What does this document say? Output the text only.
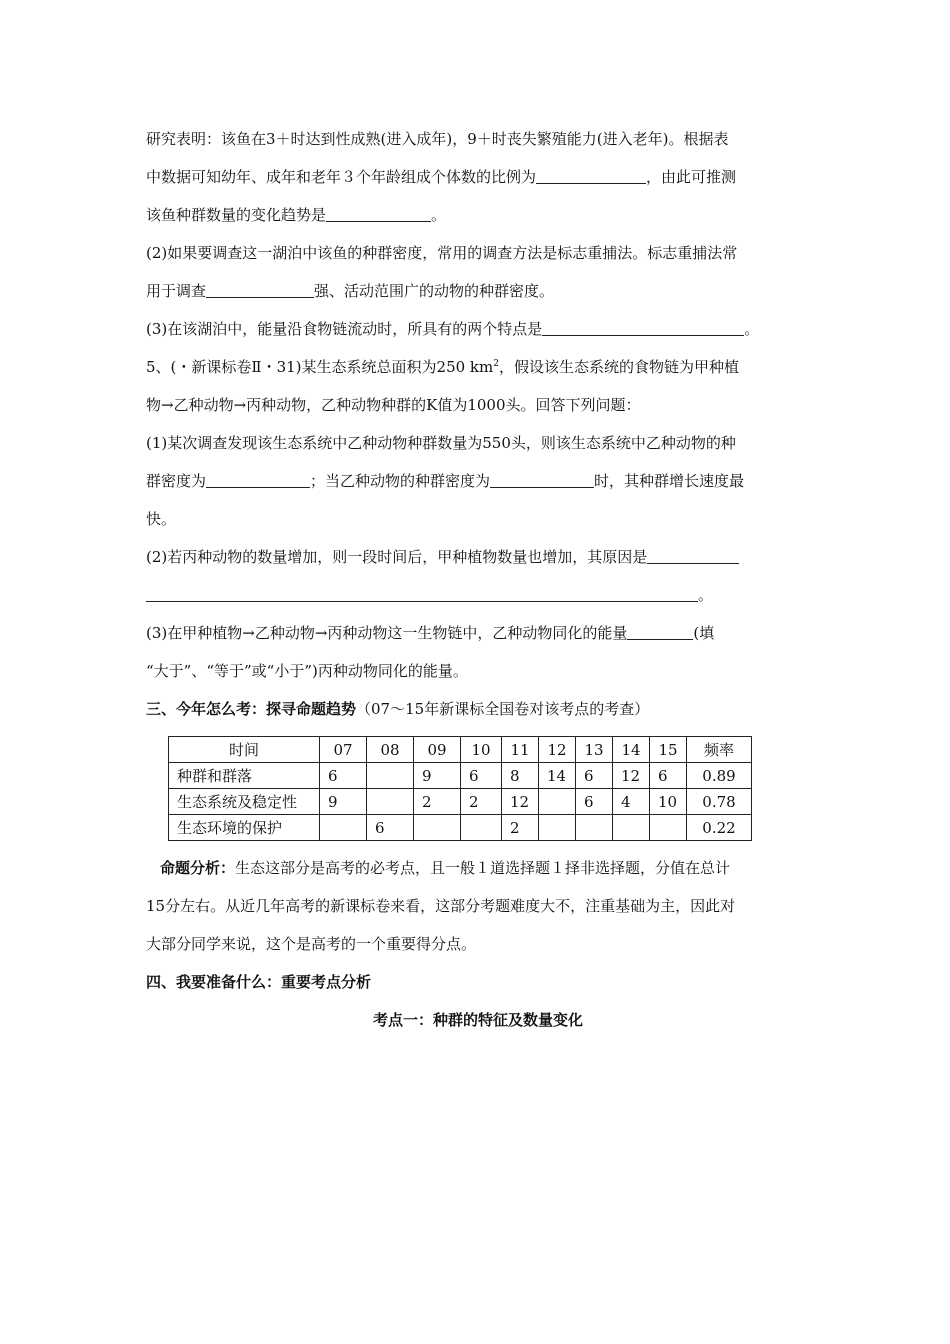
研究表明：该鱼在3＋时达到性成熟(进入成年)，9＋时丧失繁殖能力(进入老年)。根据表

中数据可知幼年、成年和老年３个年龄组成个体数的比例为	，由此可推测

该鱼种群数量的变化趋势是	。

(2)如果要调查这一湖泊中该鱼的种群密度，常用的调查方法是标志重捕法。标志重捕法常

用于调查	强、活动范围广的动物的种群密度。

(3)在该湖泊中，能量沿食物链流动时，所具有的两个特点是	。

5、(・新课标卷Ⅱ・31)某生态系统总面积为250 $km^2$，假设该生态系统的食物链为甲种植

物→乙种动物→丙种动物，乙种动物种群的K值为1000头。回答下列问题：

(1)某次调查发现该生态系统中乙种动物种群数量为550头，则该生态系统中乙种动物的种

群密度为	；当乙种动物的种群密度为	时，其种群增长速度最

快。

(2)若丙种动物的数量增加，则一段时间后，甲种植物数量也增加，其原因是

。

(3)在甲种植物→乙种动物→丙种动物这一生物链中，乙种动物同化的能量	(填

“大于”、“等于”或“小于”)丙种动物同化的能量。

三、今年怎么考：探寻命题趋势（07～15年新课标全国卷对该考点的考查）

时间	07	08	09	10	11	12	13	14	15	频率
种群和群落	6		9	6	8	14	6	12	6	0.89
生态系统及稳定性	9		2	2	12		6	4	10	0.78
生态环境的保护		6			2					0.22

命题分析：生态这部分是高考的必考点，且一般１道选择题１择非选择题，分值在总计

15分左右。从近几年高考的新课标卷来看，这部分考题难度大不，注重基础为主，因此对

大部分同学来说，这个是高考的一个重要得分点。

四、我要准备什么：重要考点分析

考点一：种群的特征及数量变化
